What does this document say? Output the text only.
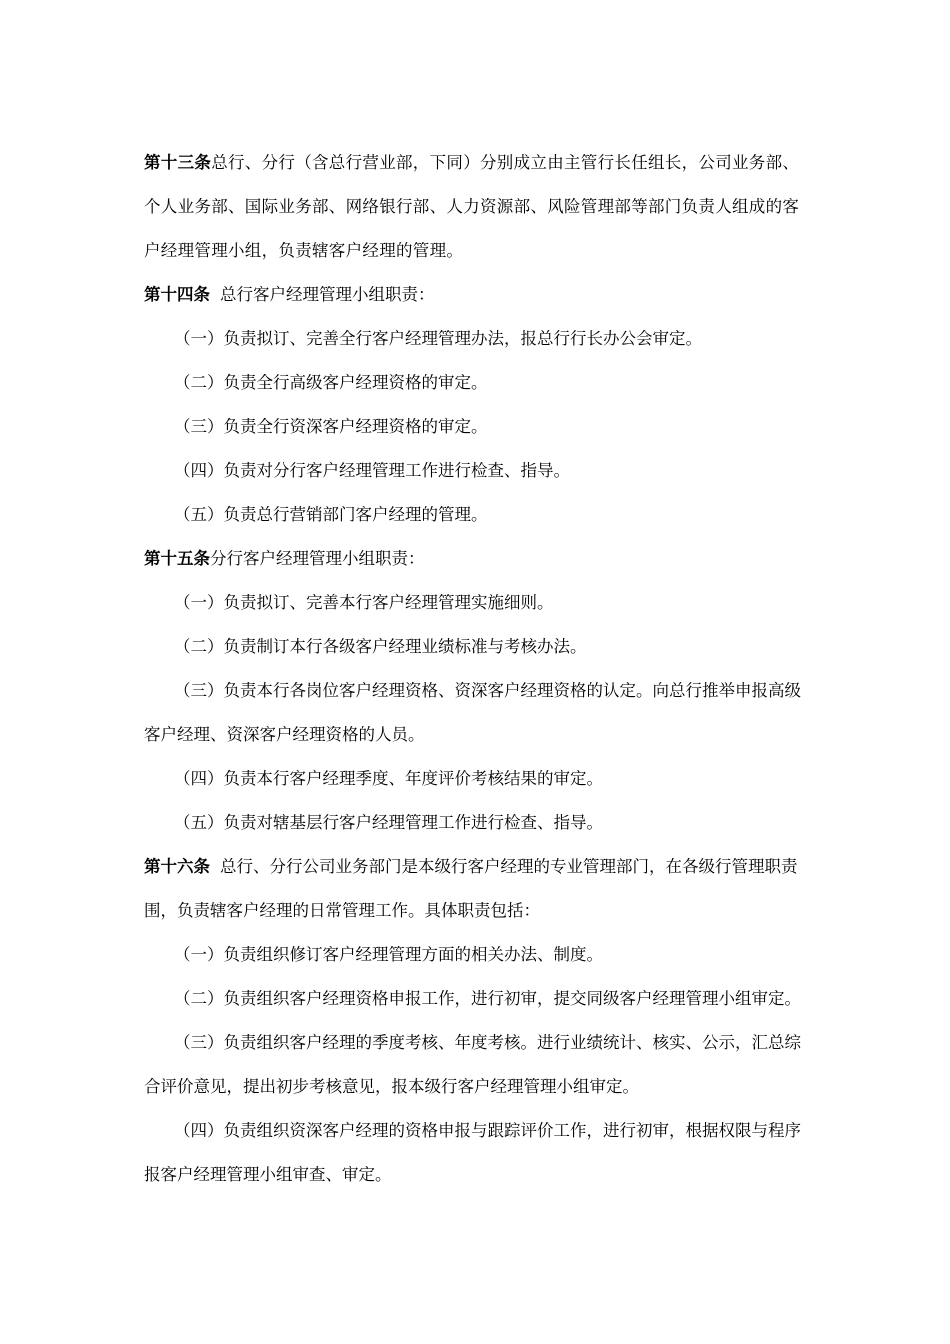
第十三条总行、分行（含总行营业部，下同）分别成立由主管行长任组长，公司业务部、个人业务部、国际业务部、网络银行部、人力资源部、风险管理部等部门负责人组成的客户经理管理小组，负责辖客户经理的管理。

第十四条 总行客户经理管理小组职责：

（一）负责拟订、完善全行客户经理管理办法，报总行行长办公会审定。

（二）负责全行高级客户经理资格的审定。

（三）负责全行资深客户经理资格的审定。

（四）负责对分行客户经理管理工作进行检查、指导。

（五）负责总行营销部门客户经理的管理。

第十五条分行客户经理管理小组职责：

（一）负责拟订、完善本行客户经理管理实施细则。

（二）负责制订本行各级客户经理业绩标准与考核办法。

（三）负责本行各岗位客户经理资格、资深客户经理资格的认定。向总行推举申报高级客户经理、资深客户经理资格的人员。

（四）负责本行客户经理季度、年度评价考核结果的审定。

（五）负责对辖基层行客户经理管理工作进行检查、指导。

第十六条 总行、分行公司业务部门是本级行客户经理的专业管理部门，在各级行管理职责围，负责辖客户经理的日常管理工作。具体职责包括：

（一）负责组织修订客户经理管理方面的相关办法、制度。

（二）负责组织客户经理资格申报工作，进行初审，提交同级客户经理管理小组审定。

（三）负责组织客户经理的季度考核、年度考核。进行业绩统计、核实、公示，汇总综合评价意见，提出初步考核意见，报本级行客户经理管理小组审定。

（四）负责组织资深客户经理的资格申报与跟踪评价工作，进行初审，根据权限与程序报客户经理管理小组审查、审定。
